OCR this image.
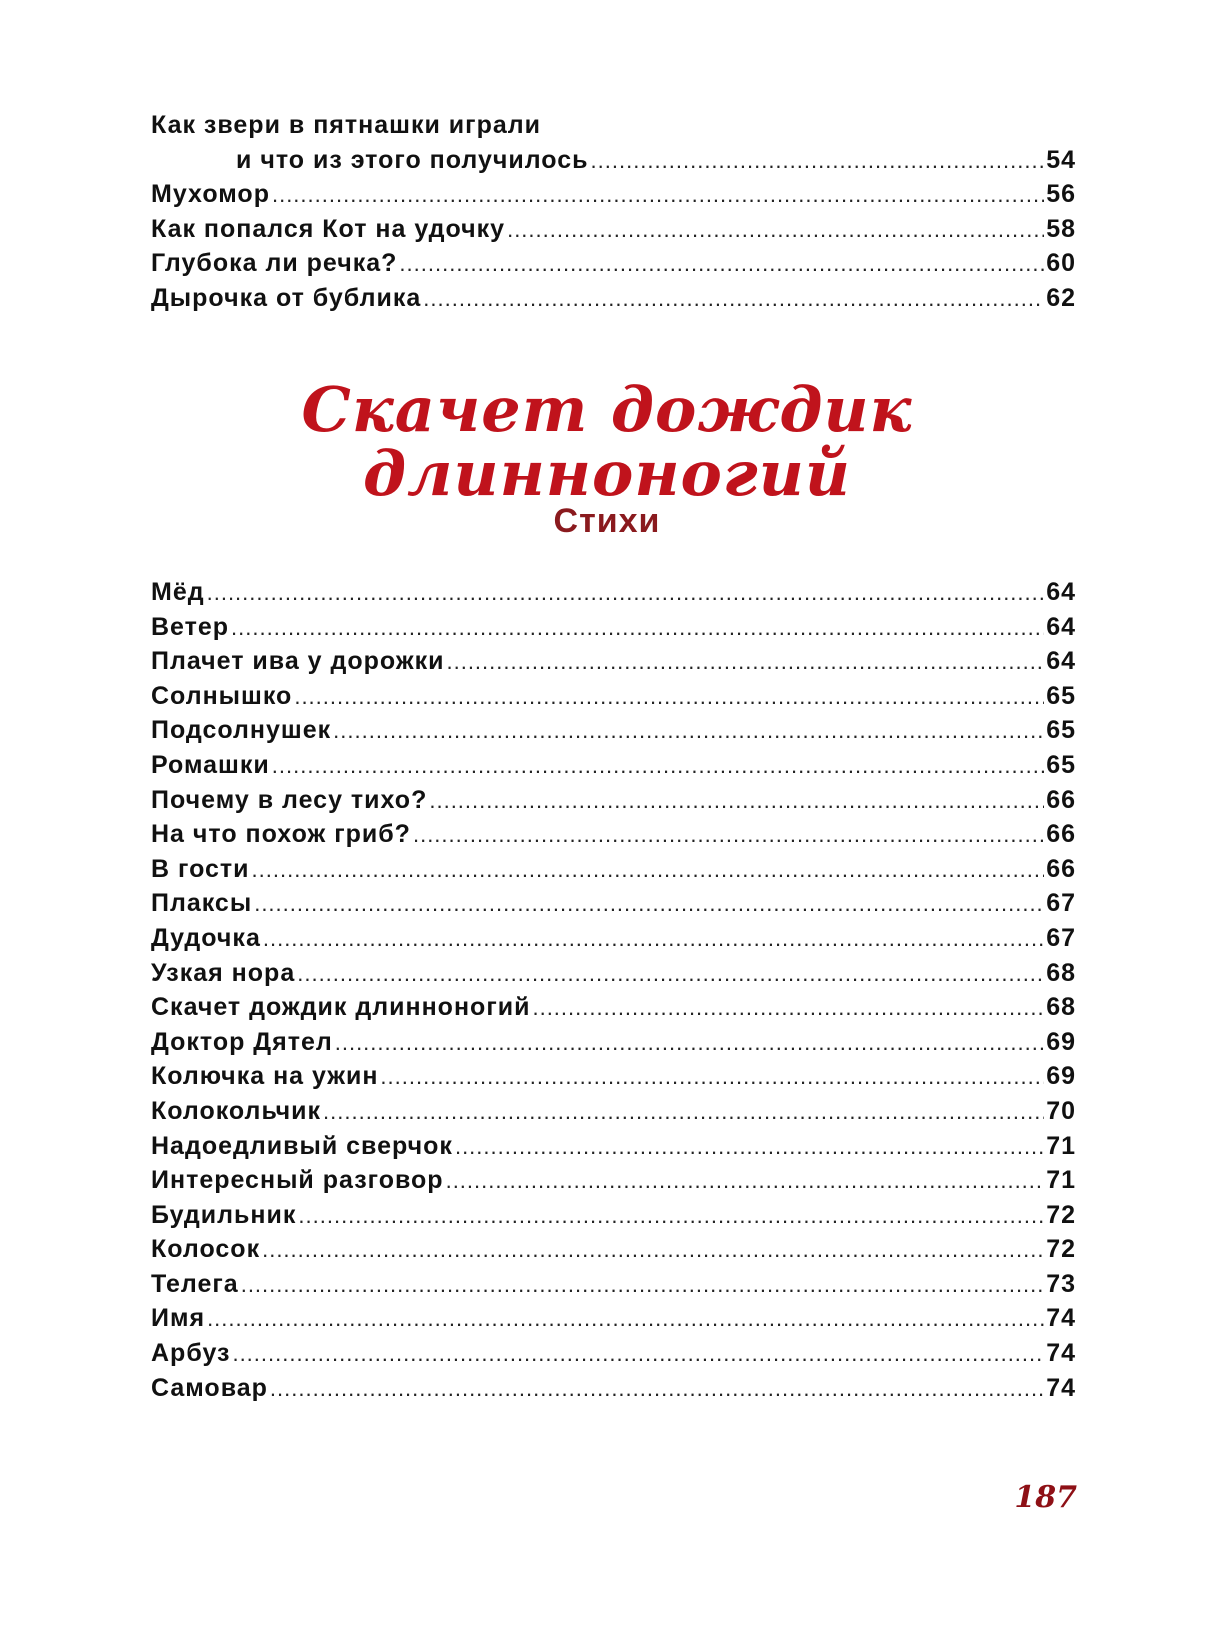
Как звери в пятнашки играли
и что из этого получилось .....	54
Мухомор .....	56
Как попался Кот на удочку .....	58
Глубока ли речка? .....	60
Дырочка от бублика .....	62
Скачет дождик
длинноногий
Стихи
Мёд .....	64
Ветер .....	64
Плачет ива у дорожки .....	64
Солнышко .....	65
Подсолнушек .....	65
Ромашки .....	65
Почему в лесу тихо? .....	66
На что похож гриб? .....	66
В гости .....	66
Плаксы .....	67
Дудочка .....	67
Узкая нора .....	68
Скачет дождик длинноногий .....	68
Доктор Дятел .....	69
Колючка на ужин .....	69
Колокольчик .....	70
Надоедливый сверчок .....	71
Интересный разговор .....	71
Будильник .....	72
Колосок .....	72
Телега .....	73
Имя .....	74
Арбуз .....	74
Самовар .....	74
187
